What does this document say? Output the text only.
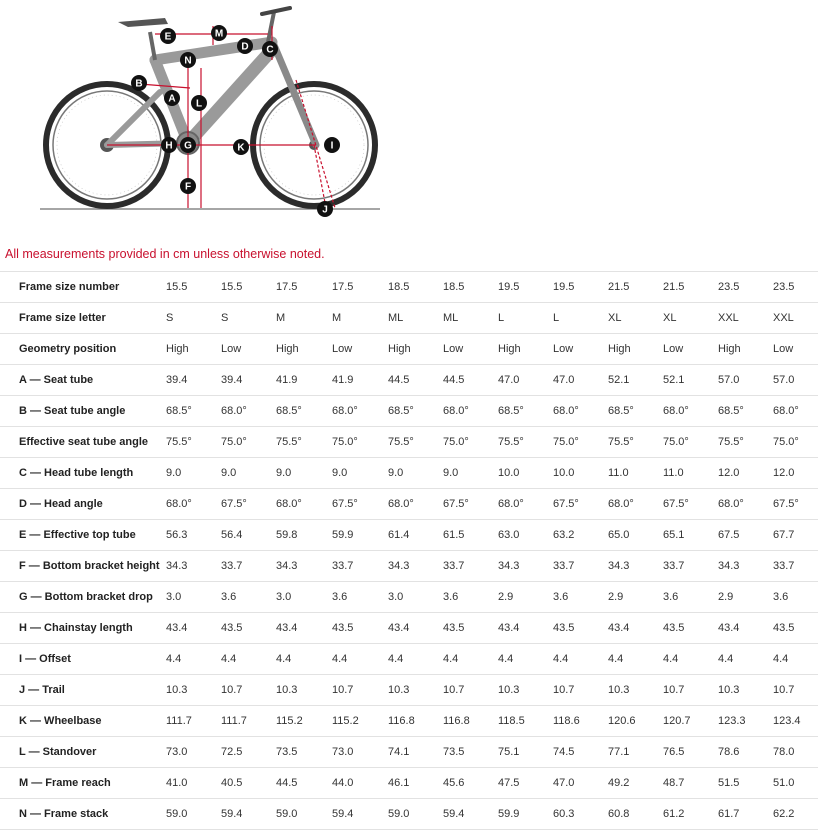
A
B
C
D
E
F
G
H	I
J
K
L
M
N
All measurements provided in cm unless otherwise noted.
Frame size number	15.5	15.5	17.5	17.5	18.5	18.5	19.5	19.5	21.5	21.5	23.5	23.5
Frame size letter	S	S	M	M	ML	ML	L	L	XL	XL	XXL	XXL
Geometry position	High	Low	High	Low	High	Low	High	Low	High	Low	High	Low
A — Seat tube	39.4	39.4	41.9	41.9	44.5	44.5	47.0	47.0	52.1	52.1	57.0	57.0
B — Seat tube angle	68.5°	68.0°	68.5°	68.0°	68.5°	68.0°	68.5°	68.0°	68.5°	68.0°	68.5°	68.0°
Effective seat tube angle	75.5°	75.0°	75.5°	75.0°	75.5°	75.0°	75.5°	75.0°	75.5°	75.0°	75.5°	75.0°
C — Head tube length	9.0	9.0	9.0	9.0	9.0	9.0	10.0	10.0	11.0	11.0	12.0	12.0
D — Head angle	68.0°	67.5°	68.0°	67.5°	68.0°	67.5°	68.0°	67.5°	68.0°	67.5°	68.0°	67.5°
E — Effective top tube	56.3	56.4	59.8	59.9	61.4	61.5	63.0	63.2	65.0	65.1	67.5	67.7
F — Bottom bracket height	34.3	33.7	34.3	33.7	34.3	33.7	34.3	33.7	34.3	33.7	34.3	33.7
G — Bottom bracket drop	3.0	3.6	3.0	3.6	3.0	3.6	2.9	3.6	2.9	3.6	2.9	3.6
H — Chainstay length	43.4	43.5	43.4	43.5	43.4	43.5	43.4	43.5	43.4	43.5	43.4	43.5
I — Offset	4.4	4.4	4.4	4.4	4.4	4.4	4.4	4.4	4.4	4.4	4.4	4.4
J — Trail	10.3	10.7	10.3	10.7	10.3	10.7	10.3	10.7	10.3	10.7	10.3	10.7
K — Wheelbase	111.7	111.7	115.2	115.2	116.8	116.8	118.5	118.6	120.6	120.7	123.3	123.4
L — Standover	73.0	72.5	73.5	73.0	74.1	73.5	75.1	74.5	77.1	76.5	78.6	78.0
M — Frame reach	41.0	40.5	44.5	44.0	46.1	45.6	47.5	47.0	49.2	48.7	51.5	51.0
N — Frame stack	59.0	59.4	59.0	59.4	59.0	59.4	59.9	60.3	60.8	61.2	61.7	62.2
